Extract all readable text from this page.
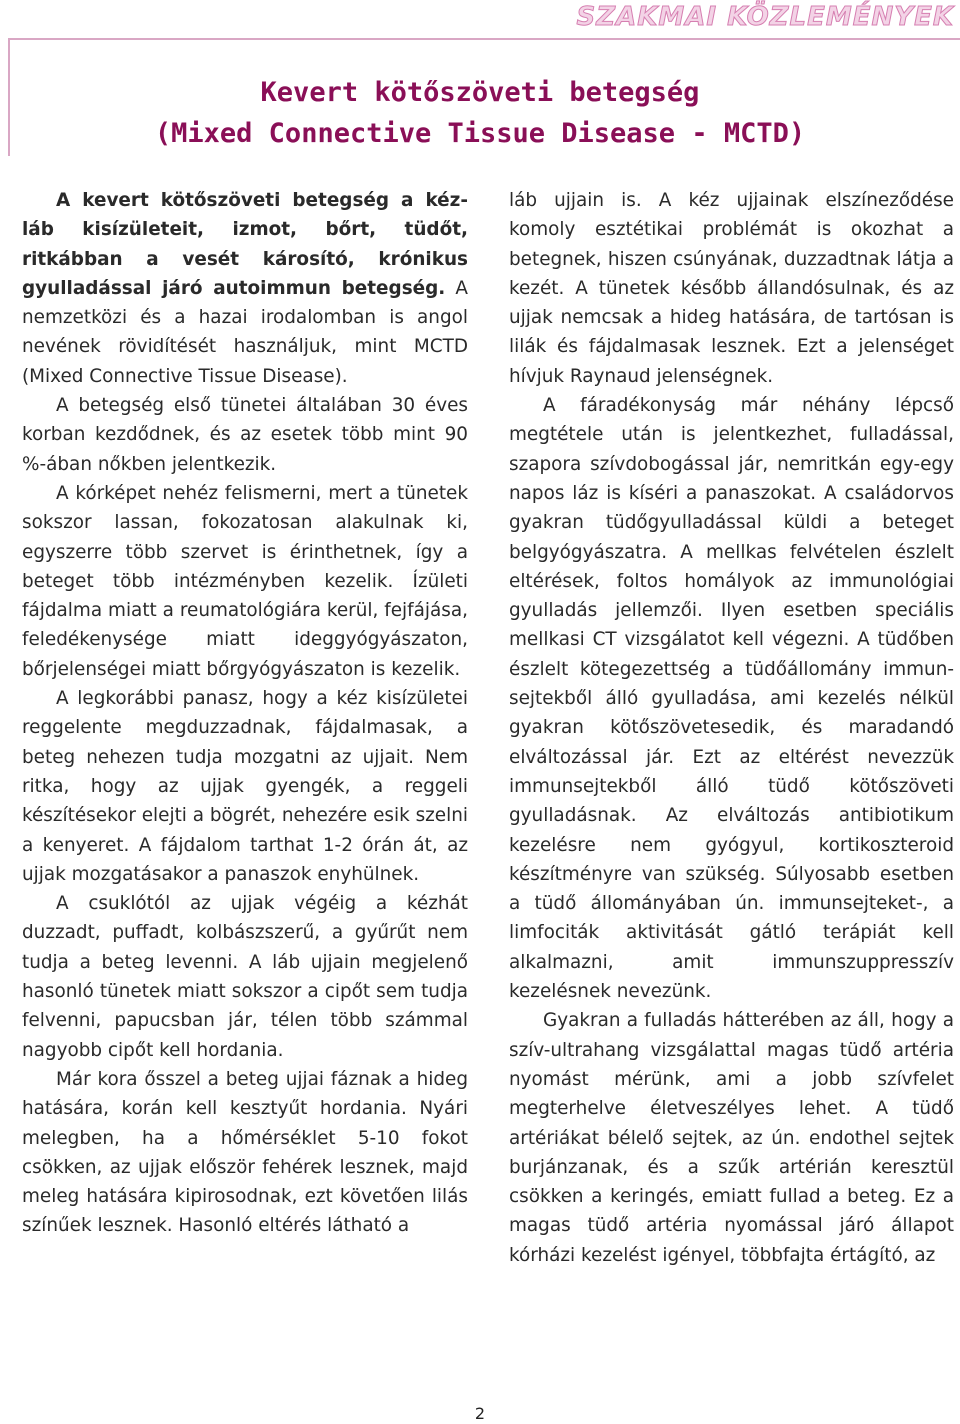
SZAKMAI KÖZLEMÉNYEK
Kevert kötőszöveti betegség
(Mixed Connective Tissue Disease - MCTD)

A kevert kötőszöveti betegség a kéz-láb kisízületeit, izmot, bőrt, tüdőt, ritkábban a vesét károsító, krónikus gyulladással járó autoimmun betegség. A nemzetközi és a hazai irodalomban is angol nevének rövidítését használjuk, mint MCTD (Mixed Connective Tissue Disease).

A betegség első tünetei általában 30 éves korban kezdődnek, és az esetek több mint 90 %-ában nőkben jelentkezik.

A kórképet nehéz felismerni, mert a tünetek sokszor lassan, fokozatosan alakulnak ki, egyszerre több szervet is érinthetnek, így a beteget több intézményben kezelik. Ízületi fájdalma miatt a reumatológiára kerül, fejfájása, feledékenysége miatt ideggyógyászaton, bőrjelenségei miatt bőrgyógyászaton is kezelik.

A legkorábbi panasz, hogy a kéz kisízületei reggelente megduzzadnak, fájdalmasak, a beteg nehezen tudja mozgatni az ujjait. Nem ritka, hogy az ujjak gyengék, a reggeli készítésekor elejti a bögrét, nehezére esik szelni a kenyeret. A fájdalom tarthat 1-2 órán át, az ujjak mozgatásakor a panaszok enyhülnek.

A csuklótól az ujjak végéig a kézhát duzzadt, puffadt, kolbászszerű, a gyűrűt nem tudja a beteg levenni. A láb ujjain megjelenő hasonló tünetek miatt sokszor a cipőt sem tudja felvenni, papucsban jár, télen több számmal nagyobb cipőt kell hordania.

Már kora ősszel a beteg ujjai fáznak a hideg hatására, korán kell kesztyűt hordania. Nyári melegben, ha a hőmérséklet 5-10 fokot csökken, az ujjak először fehérek lesznek, majd meleg hatására kipirosodnak, ezt követően lilás színűek lesznek. Hasonló eltérés látható a

láb ujjain is. A kéz ujjainak elszíneződése komoly esztétikai problémát is okozhat a betegnek, hiszen csúnyának, duzzadtnak látja a kezét. A tünetek később állandósulnak, és az ujjak nemcsak a hideg hatására, de tartósan is lilák és fájdalmasak lesznek. Ezt a jelenséget hívjuk Raynaud jelenségnek.

A fáradékonyság már néhány lépcső megtétele után is jelentkezhet, fulladással, szapora szívdobogással jár, nemritkán egy-egy napos láz is kíséri a panaszokat. A családorvos gyakran tüdőgyulladással küldi a beteget belgyógyászatra. A mellkas felvételen észlelt eltérések, foltos homályok az immunológiai gyulladás jellemzői. Ilyen esetben speciális mellkasi CT vizsgálatot kell végezni. A tüdőben észlelt kötegezettség a tüdőállomány immun-sejtekből álló gyulladása, ami kezelés nélkül gyakran kötőszövetesedik, és maradandó elváltozással jár. Ezt az eltérést nevezzük immunsejtekből álló tüdő kötőszöveti gyulladásnak. Az elváltozás antibiotikum kezelésre nem gyógyul, kortikoszteroid készítményre van szükség. Súlyosabb esetben a tüdő állományában ún. immunsejteket-, a limfociták aktivitását gátló terápiát kell alkalmazni, amit immunszuppresszív kezelésnek nevezünk.

Gyakran a fulladás hátterében az áll, hogy a szív-ultrahang vizsgálattal magas tüdő artéria nyomást mérünk, ami a jobb szívfelet megterhelve életveszélyes lehet. A tüdő artériákat bélelő sejtek, az ún. endothel sejtek burjánzanak, és a szűk artérián keresztül csökken a keringés, emiatt fullad a beteg. Ez a magas tüdő artéria nyomással járó állapot kórházi kezelést igényel, többfajta értágító, az

2
